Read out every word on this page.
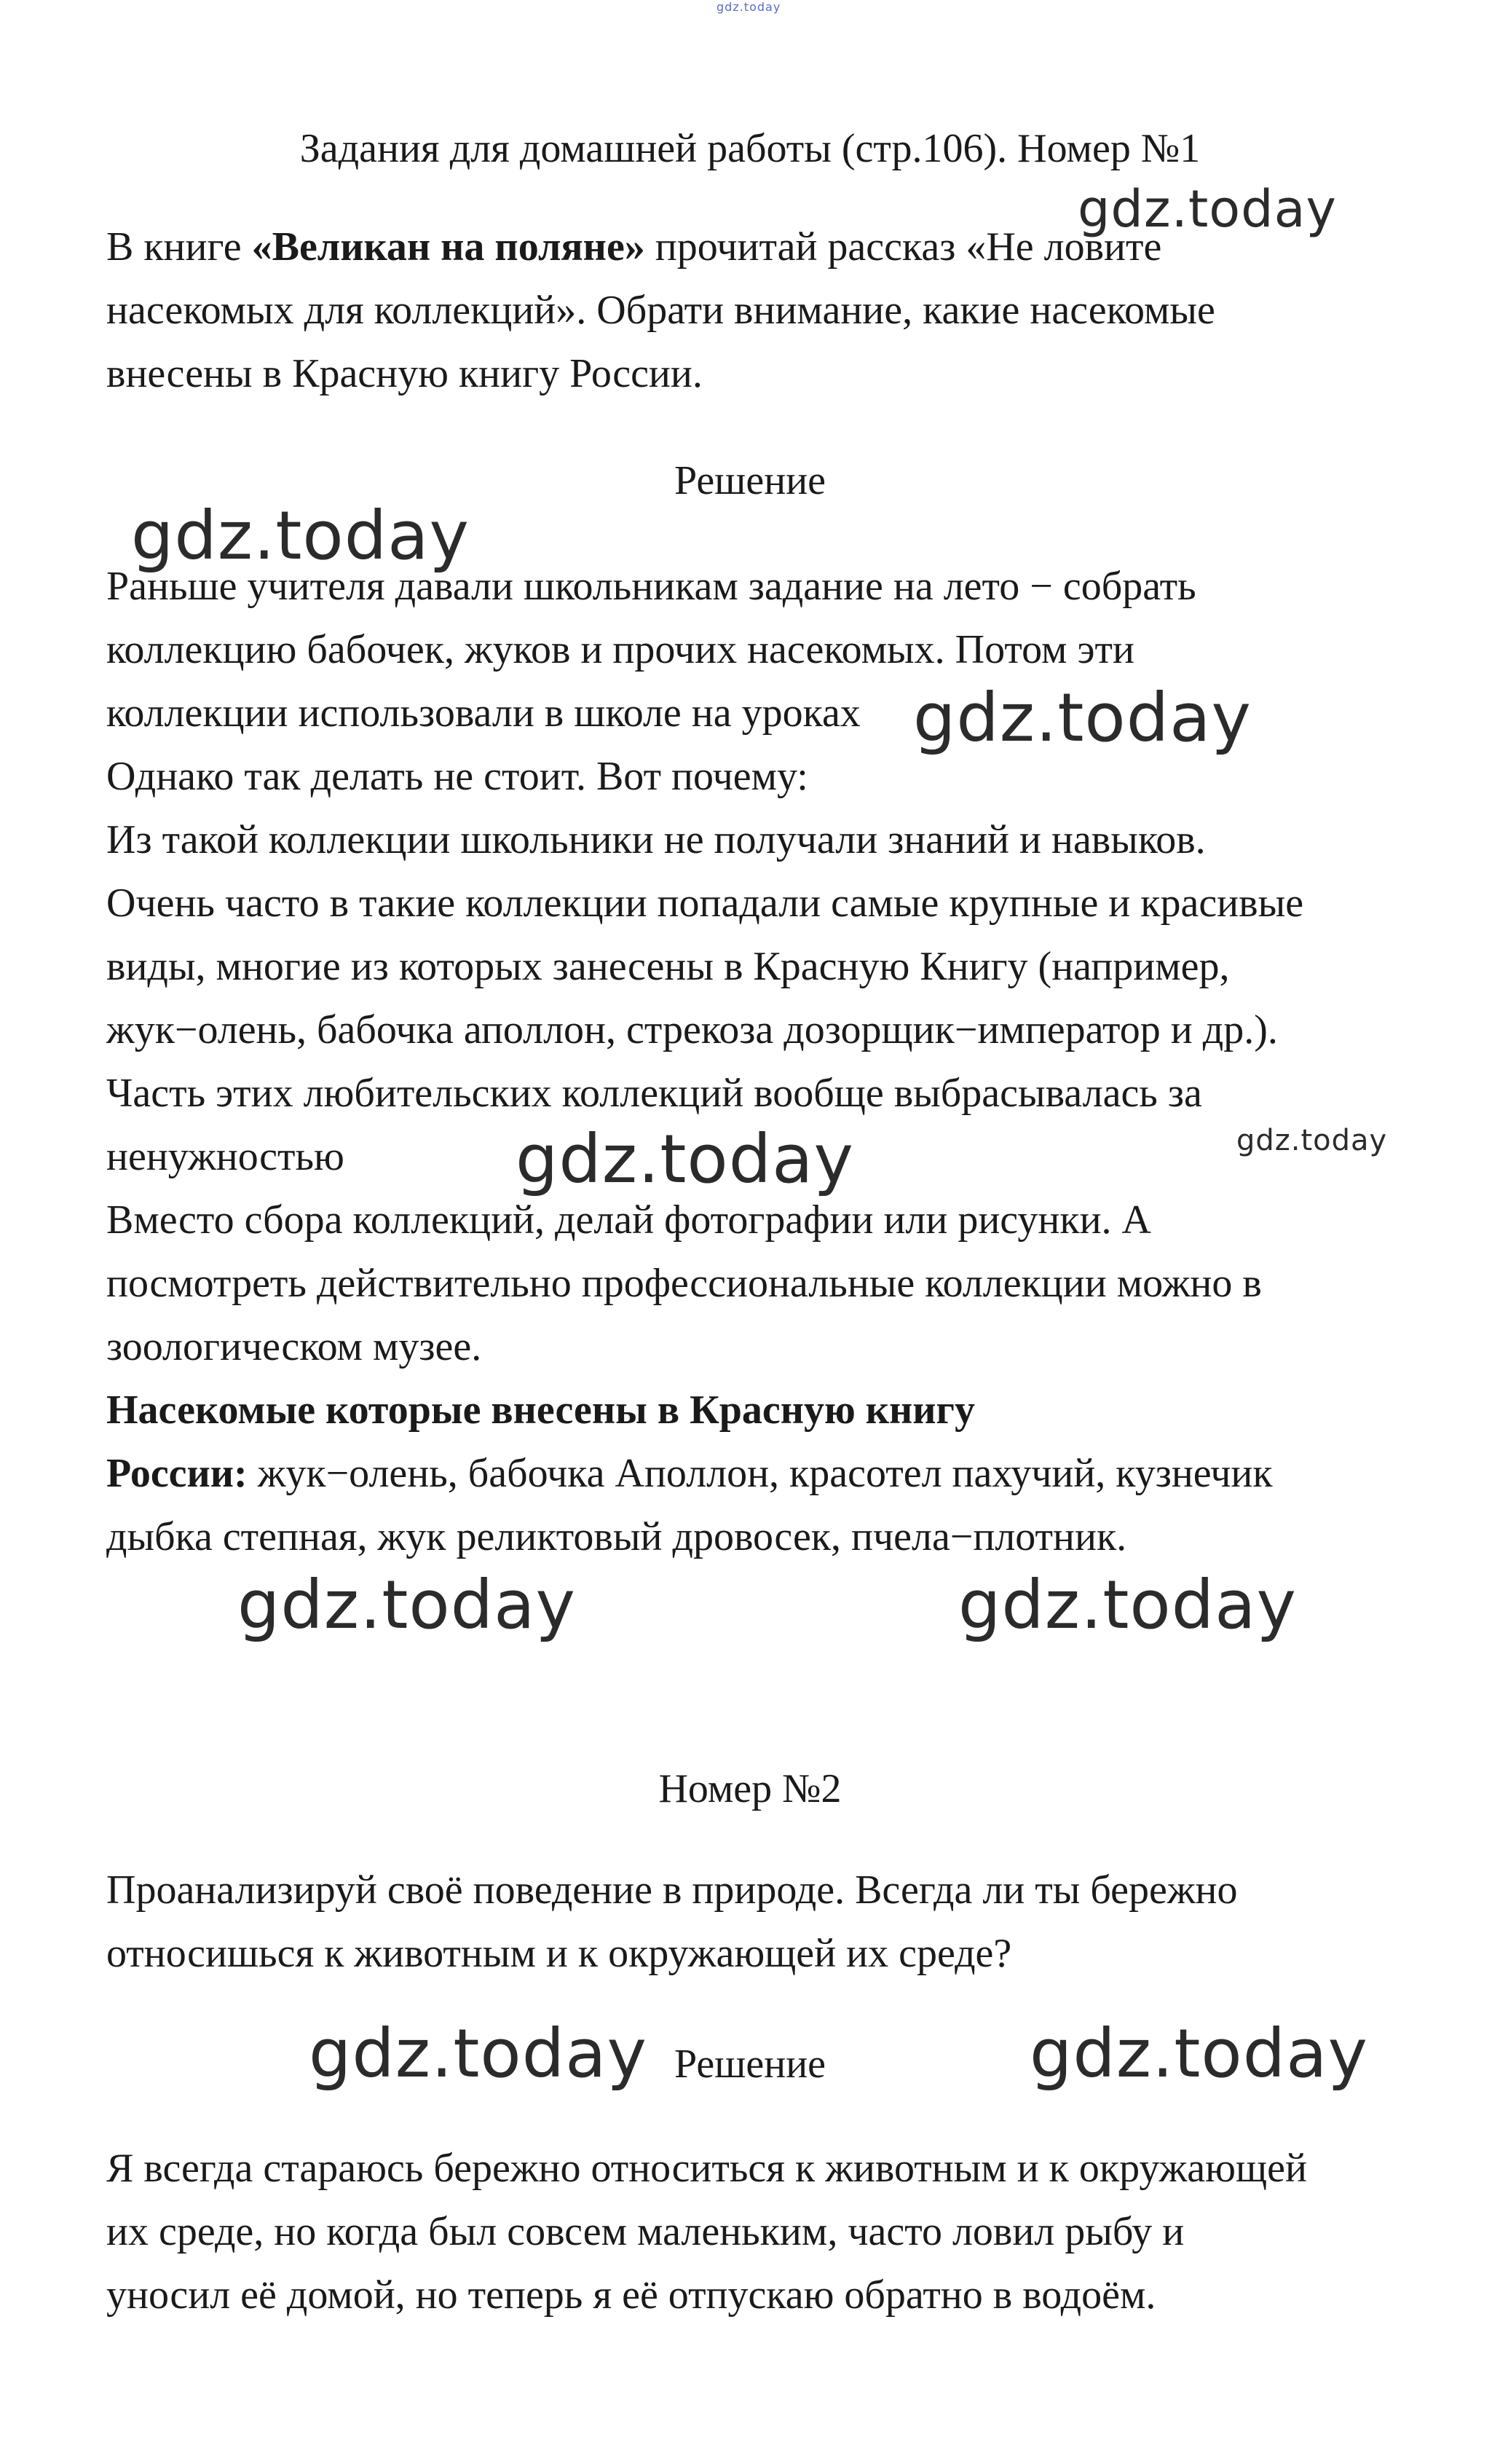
gdz.today
Задания для домашней работы (стр.106). Номер №1
В книге «Великан на поляне» прочитай рассказ «Не ловите
насекомых для коллекций». Обрати внимание, какие насекомые
внесены в Красную книгу России.
gdz.today
Решение
gdz.today
Раньше учителя давали школьникам задание на лето − собрать
коллекцию бабочек, жуков и прочих насекомых. Потом эти
коллекции использовали в школе на уроках
Однако так делать не стоит. Вот почему:
Из такой коллекции школьники не получали знаний и навыков.
Очень часто в такие коллекции попадали самые крупные и красивые
виды, многие из которых занесены в Красную Книгу (например,
жук−олень, бабочка аполлон, стрекоза дозорщик−император и др.).
Часть этих любительских коллекций вообще выбрасывалась за
ненужностью
Вместо сбора коллекций, делай фотографии или рисунки. А
посмотреть действительно профессиональные коллекции можно в
зоологическом музее.
Насекомые которые внесены в Красную книгу
России: жук−олень, бабочка Аполлон, красотел пахучий, кузнечик
дыбка степная, жук реликтовый дровосек, пчела−плотник.
gdz.today
gdz.today
gdz.today
gdz.today	gdz.today
Номер №2
Проанализируй своё поведение в природе. Всегда ли ты бережно
относишься к животным и к окружающей их среде?
gdz.today Решение	gdz.today
Я всегда стараюсь бережно относиться к животным и к окружающей
их среде, но когда был совсем маленьким, часто ловил рыбу и
уносил её домой, но теперь я её отпускаю обратно в водоём.
